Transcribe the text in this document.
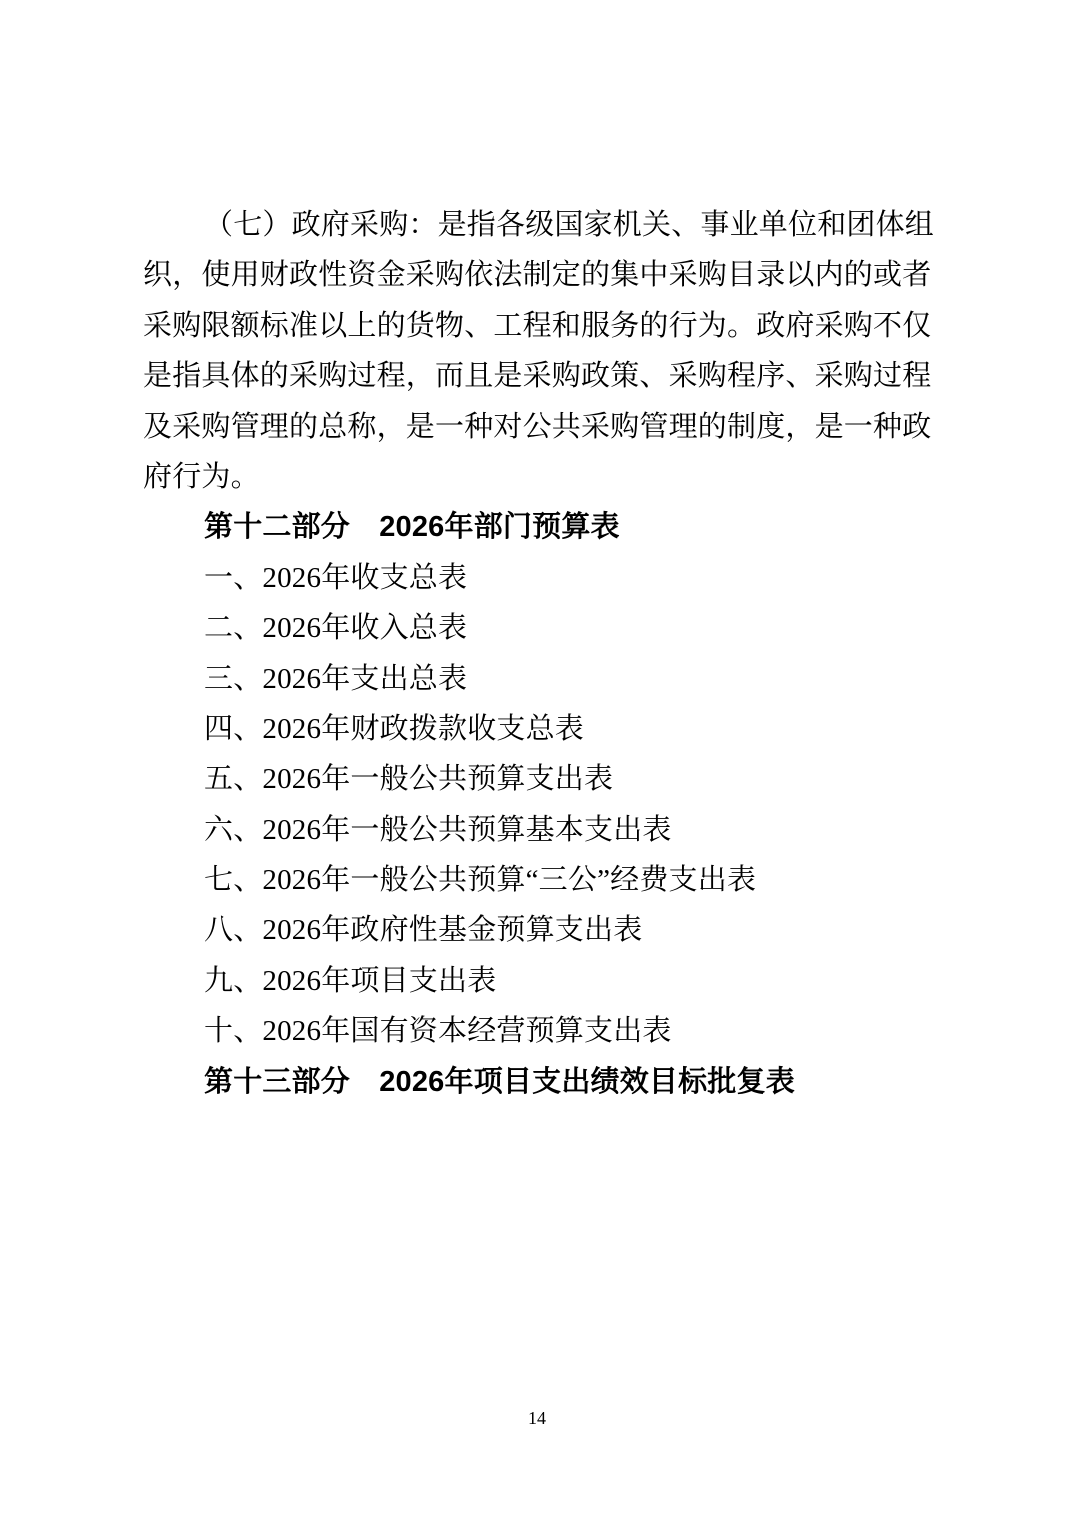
（七）政府采购：是指各级国家机关、事业单位和团体组
织，使用财政性资金采购依法制定的集中采购目录以内的或者
采购限额标准以上的货物、工程和服务的行为。政府采购不仅
是指具体的采购过程，而且是采购政策、采购程序、采购过程
及采购管理的总称，是一种对公共采购管理的制度，是一种政
府行为。
第十二部分　2026年部门预算表
一、2026年收支总表
二、2026年收入总表
三、2026年支出总表
四、2026年财政拨款收支总表
五、2026年一般公共预算支出表
六、2026年一般公共预算基本支出表
七、2026年一般公共预算“三公”经费支出表
八、2026年政府性基金预算支出表
九、2026年项目支出表
十、2026年国有资本经营预算支出表
第十三部分　2026年项目支出绩效目标批复表
14
